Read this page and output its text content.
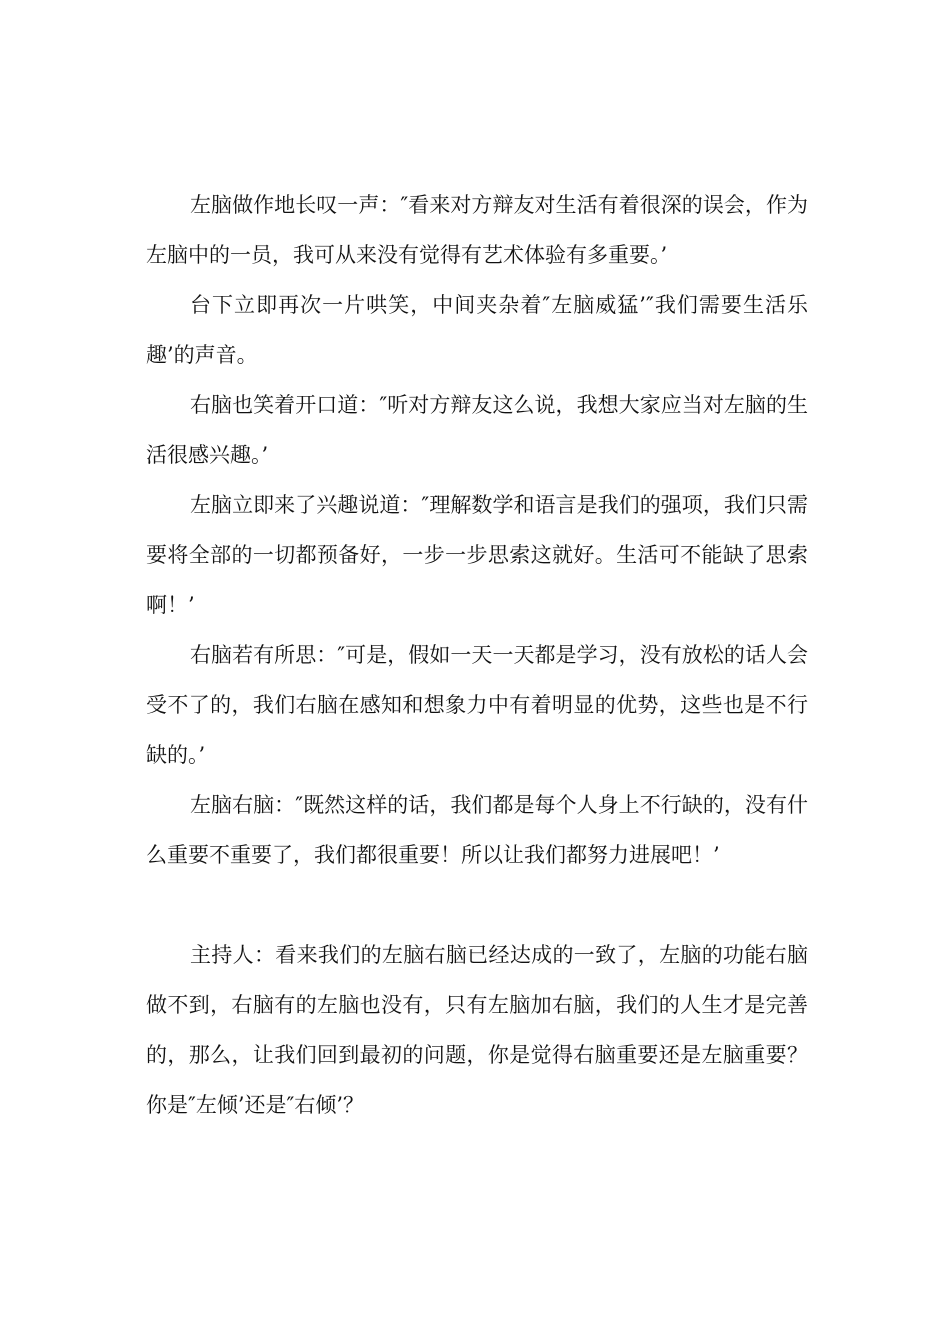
左脑做作地长叹一声：″看来对方辩友对生活有着很深的误会，作为左脑中的一员，我可从来没有觉得有艺术体验有多重要。’

台下立即再次一片哄笑，中间夹杂着″左脑威猛’″我们需要生活乐趣’的声音。

右脑也笑着开口道：″听对方辩友这么说，我想大家应当对左脑的生活很感兴趣。’

左脑立即来了兴趣说道：″理解数学和语言是我们的强项，我们只需要将全部的一切都预备好，一步一步思索这就好。生活可不能缺了思索啊！’

右脑若有所思：″可是，假如一天一天都是学习，没有放松的话人会受不了的，我们右脑在感知和想象力中有着明显的优势，这些也是不行缺的。’

左脑右脑：″既然这样的话，我们都是每个人身上不行缺的，没有什么重要不重要了，我们都很重要！所以让我们都努力进展吧！’

主持人：看来我们的左脑右脑已经达成的一致了，左脑的功能右脑做不到，右脑有的左脑也没有，只有左脑加右脑，我们的人生才是完善的，那么，让我们回到最初的问题，你是觉得右脑重要还是左脑重要？你是″左倾’还是″右倾’？
